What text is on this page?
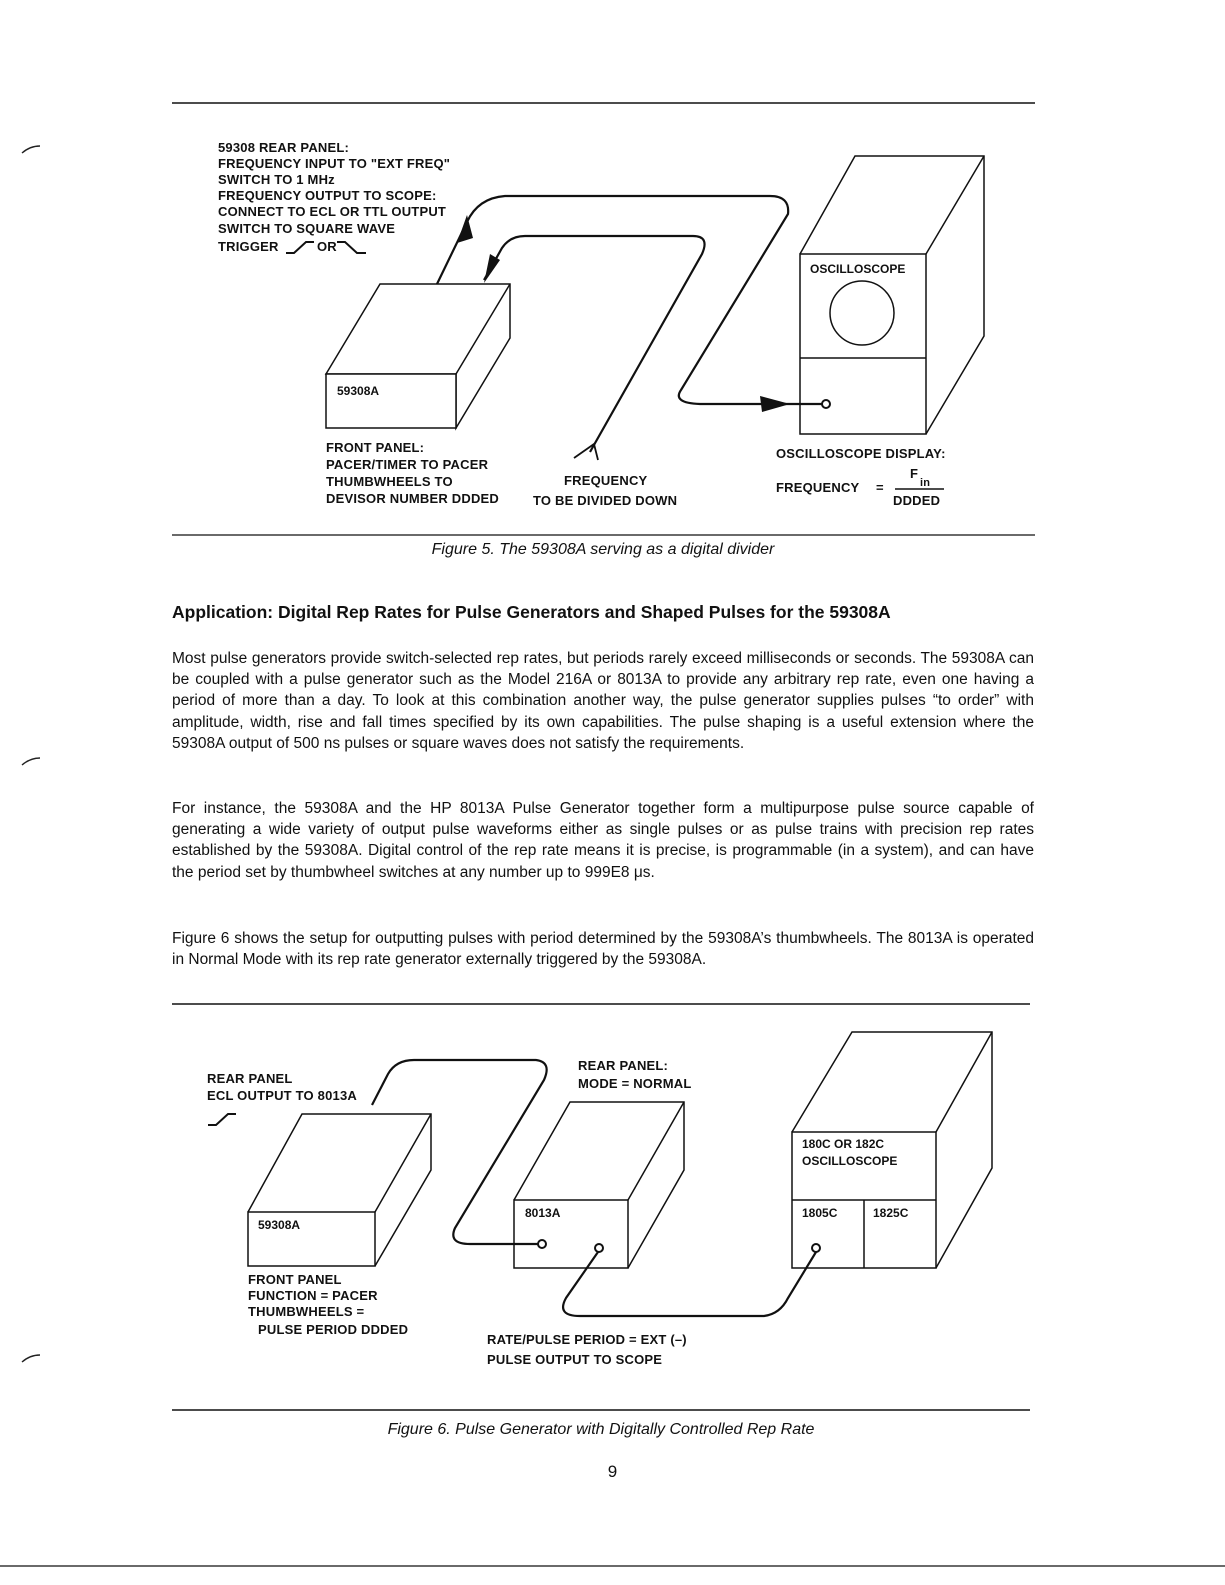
59308 REAR PANEL:
FREQUENCY INPUT TO "EXT FREQ"
SWITCH TO 1 MHz
FREQUENCY OUTPUT TO SCOPE:
CONNECT TO ECL OR TTL OUTPUT
SWITCH TO SQUARE WAVE
TRIGGER	OR
59308A
OSCILLOSCOPE
FRONT PANEL:
PACER/TIMER TO PACER
THUMBWHEELS TO
DEVISOR NUMBER DDDED
FREQUENCY
TO BE DIVIDED DOWN
OSCILLOSCOPE DISPLAY:
FREQUENCY =
F
in
DDDED
REAR PANEL
ECL OUTPUT TO 8013A
59308A
8013A
REAR PANEL:
MODE = NORMAL
180C OR 182C
OSCILLOSCOPE
1805C	1825C
FRONT PANEL
FUNCTION = PACER
THUMBWHEELS =
PULSE PERIOD DDDED
RATE/PULSE PERIOD = EXT (–)
PULSE OUTPUT TO SCOPE
Figure 5. The 59308A serving as a digital divider
Application: Digital Rep Rates for Pulse Generators and Shaped Pulses for the 59308A

Most pulse generators provide switch-selected rep rates, but periods rarely exceed milliseconds or seconds. The 59308A can be coupled with a pulse generator such as the Model 216A or 8013A to provide any arbitrary rep rate, even one having a period of more than a day. To look at this combination another way, the pulse generator supplies pulses “to order” with amplitude, width, rise and fall times specified by its own capabilities. The pulse shaping is a useful extension where the 59308A output of 500 ns pulses or square waves does not satisfy the requirements.

For instance, the 59308A and the HP 8013A Pulse Generator together form a multipurpose pulse source capable of generating a wide variety of output pulse waveforms either as single pulses or as pulse trains with precision rep rates established by the 59308A. Digital control of the rep rate means it is precise, is programmable (in a system), and can have the period set by thumbwheel switches at any number up to 999E8 μs.

Figure 6 shows the setup for outputting pulses with period determined by the 59308A’s thumbwheels. The 8013A is operated in Normal Mode with its rep rate generator externally triggered by the 59308A.

Figure 6. Pulse Generator with Digitally Controlled Rep Rate
9
